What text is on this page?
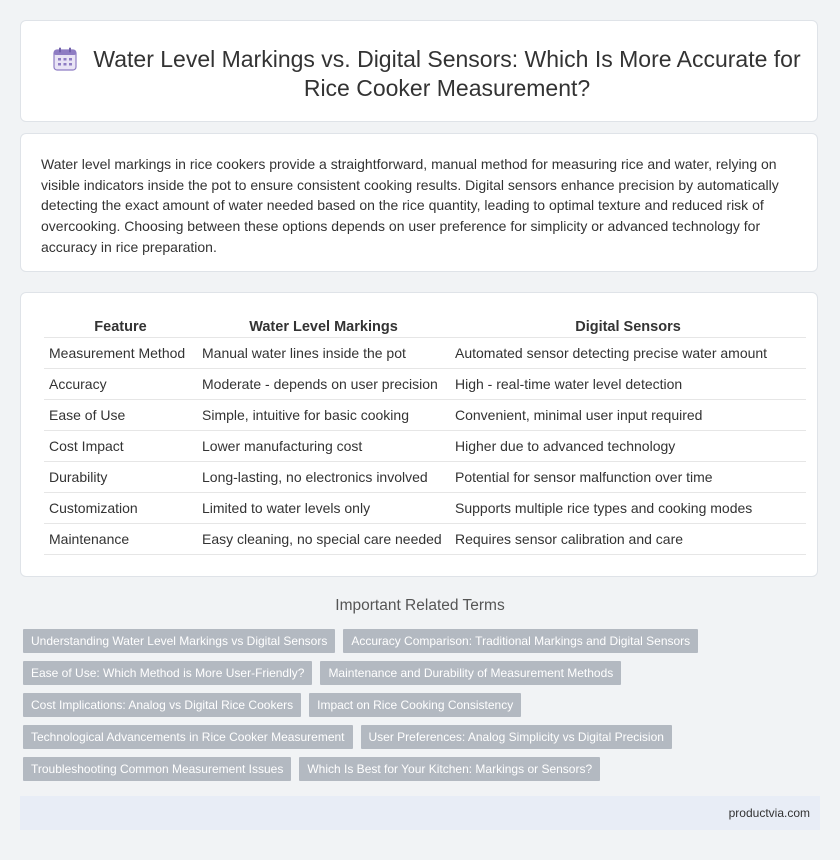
Water Level Markings vs. Digital Sensors: Which Is More Accurate for Rice Cooker Measurement?

Water level markings in rice cookers provide a straightforward, manual method for measuring rice and water, relying on visible indicators inside the pot to ensure consistent cooking results. Digital sensors enhance precision by automatically detecting the exact amount of water needed based on the rice quantity, leading to optimal texture and reduced risk of overcooking. Choosing between these options depends on user preference for simplicity or advanced technology for accuracy in rice preparation.

Feature	Water Level Markings	Digital Sensors
Measurement Method	Manual water lines inside the pot	Automated sensor detecting precise water amount
Accuracy	Moderate - depends on user precision	High - real-time water level detection
Ease of Use	Simple, intuitive for basic cooking	Convenient, minimal user input required
Cost Impact	Lower manufacturing cost	Higher due to advanced technology
Durability	Long-lasting, no electronics involved	Potential for sensor malfunction over time
Customization	Limited to water levels only	Supports multiple rice types and cooking modes
Maintenance	Easy cleaning, no special care needed	Requires sensor calibration and care
Important Related Terms
Understanding Water Level Markings vs Digital Sensors	Accuracy Comparison: Traditional Markings and Digital Sensors
Ease of Use: Which Method is More User-Friendly?	Maintenance and Durability of Measurement Methods
Cost Implications: Analog vs Digital Rice Cookers	Impact on Rice Cooking Consistency
Technological Advancements in Rice Cooker Measurement	User Preferences: Analog Simplicity vs Digital Precision
Troubleshooting Common Measurement Issues	Which Is Best for Your Kitchen: Markings or Sensors?
productvia.com
